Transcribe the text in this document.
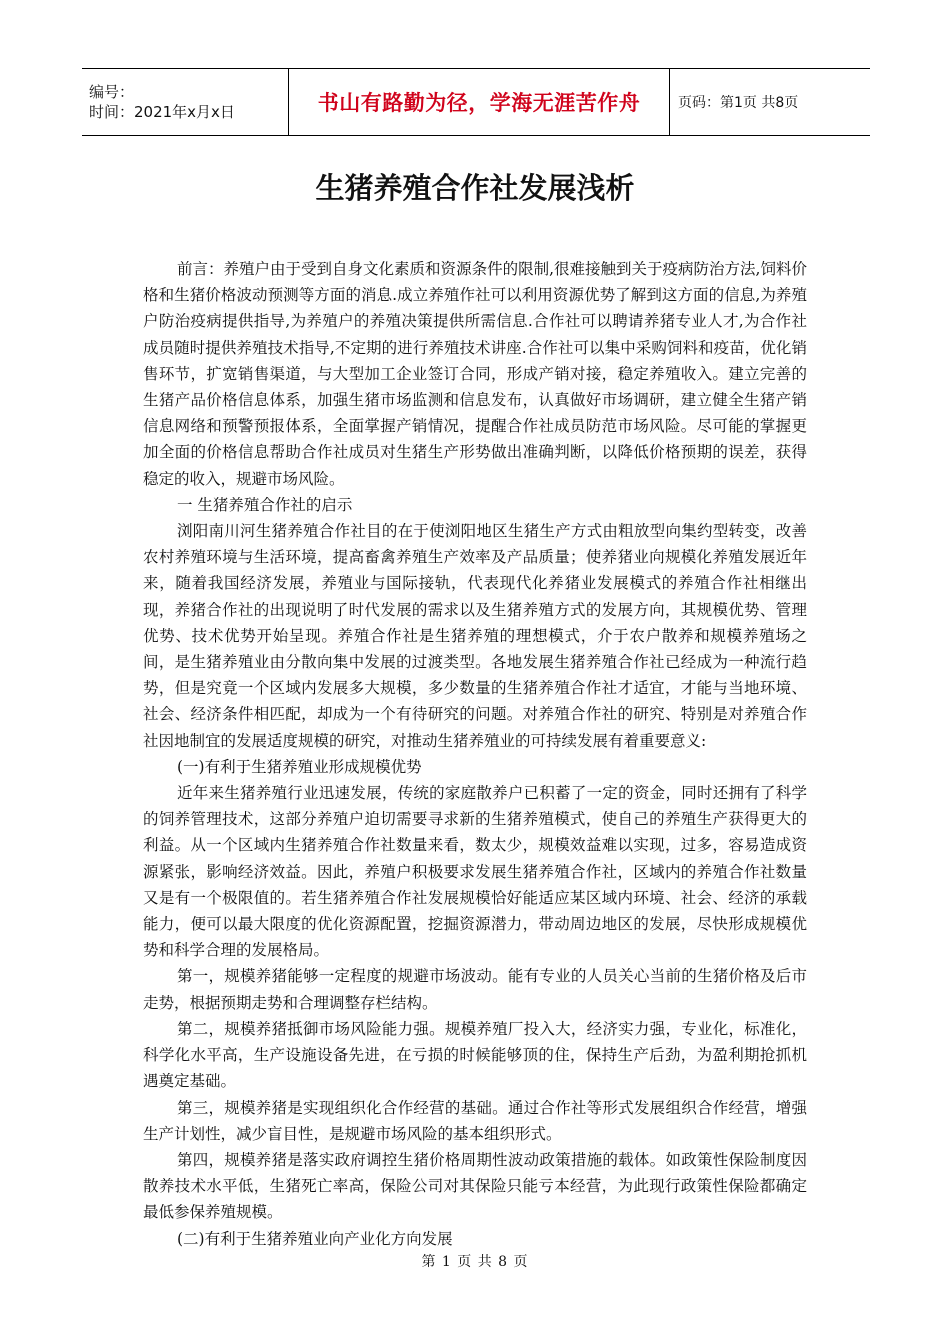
编号：
时间：2021年x月x日	书山有路勤为径，学海无涯苦作舟	页码：第1页 共8页
生猪养殖合作社发展浅析

前言：养殖户由于受到自身文化素质和资源条件的限制,很难接触到关于疫病防治方法,饲料价格和生猪价格波动预测等方面的消息.成立养殖作社可以利用资源优势了解到这方面的信息,为养殖户防治疫病提供指导,为养殖户的养殖决策提供所需信息.合作社可以聘请养猪专业人才,为合作社成员随时提供养殖技术指导,不定期的进行养殖技术讲座.合作社可以集中采购饲料和疫苗，优化销售环节，扩宽销售渠道，与大型加工企业签订合同，形成产销对接，稳定养殖收入。建立完善的生猪产品价格信息体系，加强生猪市场监测和信息发布，认真做好市场调研，建立健全生猪产销信息网络和预警预报体系，全面掌握产销情况，提醒合作社成员防范市场风险。尽可能的掌握更加全面的价格信息帮助合作社成员对生猪生产形势做出准确判断，以降低价格预期的误差，获得稳定的收入，规避市场风险。

一 生猪养殖合作社的启示

浏阳南川河生猪养殖合作社目的在于使浏阳地区生猪生产方式由粗放型向集约型转变，改善农村养殖环境与生活环境，提高畜禽养殖生产效率及产品质量；使养猪业向规模化养殖发展近年来，随着我国经济发展，养殖业与国际接轨，代表现代化养猪业发展模式的养殖合作社相继出现，养猪合作社的出现说明了时代发展的需求以及生猪养殖方式的发展方向，其规模优势、管理优势、技术优势开始呈现。养殖合作社是生猪养殖的理想模式，介于农户散养和规模养殖场之间，是生猪养殖业由分散向集中发展的过渡类型。各地发展生猪养殖合作社已经成为一种流行趋势，但是究竟一个区域内发展多大规模，多少数量的生猪养殖合作社才适宜，才能与当地环境、社会、经济条件相匹配，却成为一个有待研究的问题。对养殖合作社的研究、特别是对养殖合作社因地制宜的发展适度规模的研究，对推动生猪养殖业的可持续发展有着重要意义:

(一)有利于生猪养殖业形成规模优势

近年来生猪养殖行业迅速发展，传统的家庭散养户已积蓄了一定的资金，同时还拥有了科学的饲养管理技术，这部分养殖户迫切需要寻求新的生猪养殖模式，使自己的养殖生产获得更大的利益。从一个区域内生猪养殖合作社数量来看，数太少，规模效益难以实现，过多，容易造成资源紧张，影响经济效益。因此，养殖户积极要求发展生猪养殖合作社，区域内的养殖合作社数量又是有一个极限值的。若生猪养殖合作社发展规模恰好能适应某区域内环境、社会、经济的承载能力，便可以最大限度的优化资源配置，挖掘资源潜力，带动周边地区的发展，尽快形成规模优势和科学合理的发展格局。

第一，规模养猪能够一定程度的规避市场波动。能有专业的人员关心当前的生猪价格及后市走势，根据预期走势和合理调整存栏结构。

第二，规模养猪抵御市场风险能力强。规模养殖厂投入大，经济实力强，专业化，标准化，科学化水平高，生产设施设备先进，在亏损的时候能够顶的住，保持生产后劲，为盈利期抢抓机遇奠定基础。

第三，规模养猪是实现组织化合作经营的基础。通过合作社等形式发展组织合作经营，增强生产计划性，减少盲目性，是规避市场风险的基本组织形式。

第四，规模养猪是落实政府调控生猪价格周期性波动政策措施的载体。如政策性保险制度因散养技术水平低，生猪死亡率高，保险公司对其保险只能亏本经营，为此现行政策性保险都确定最低参保养殖规模。

(二)有利于生猪养殖业向产业化方向发展

第 1 页 共 8 页
